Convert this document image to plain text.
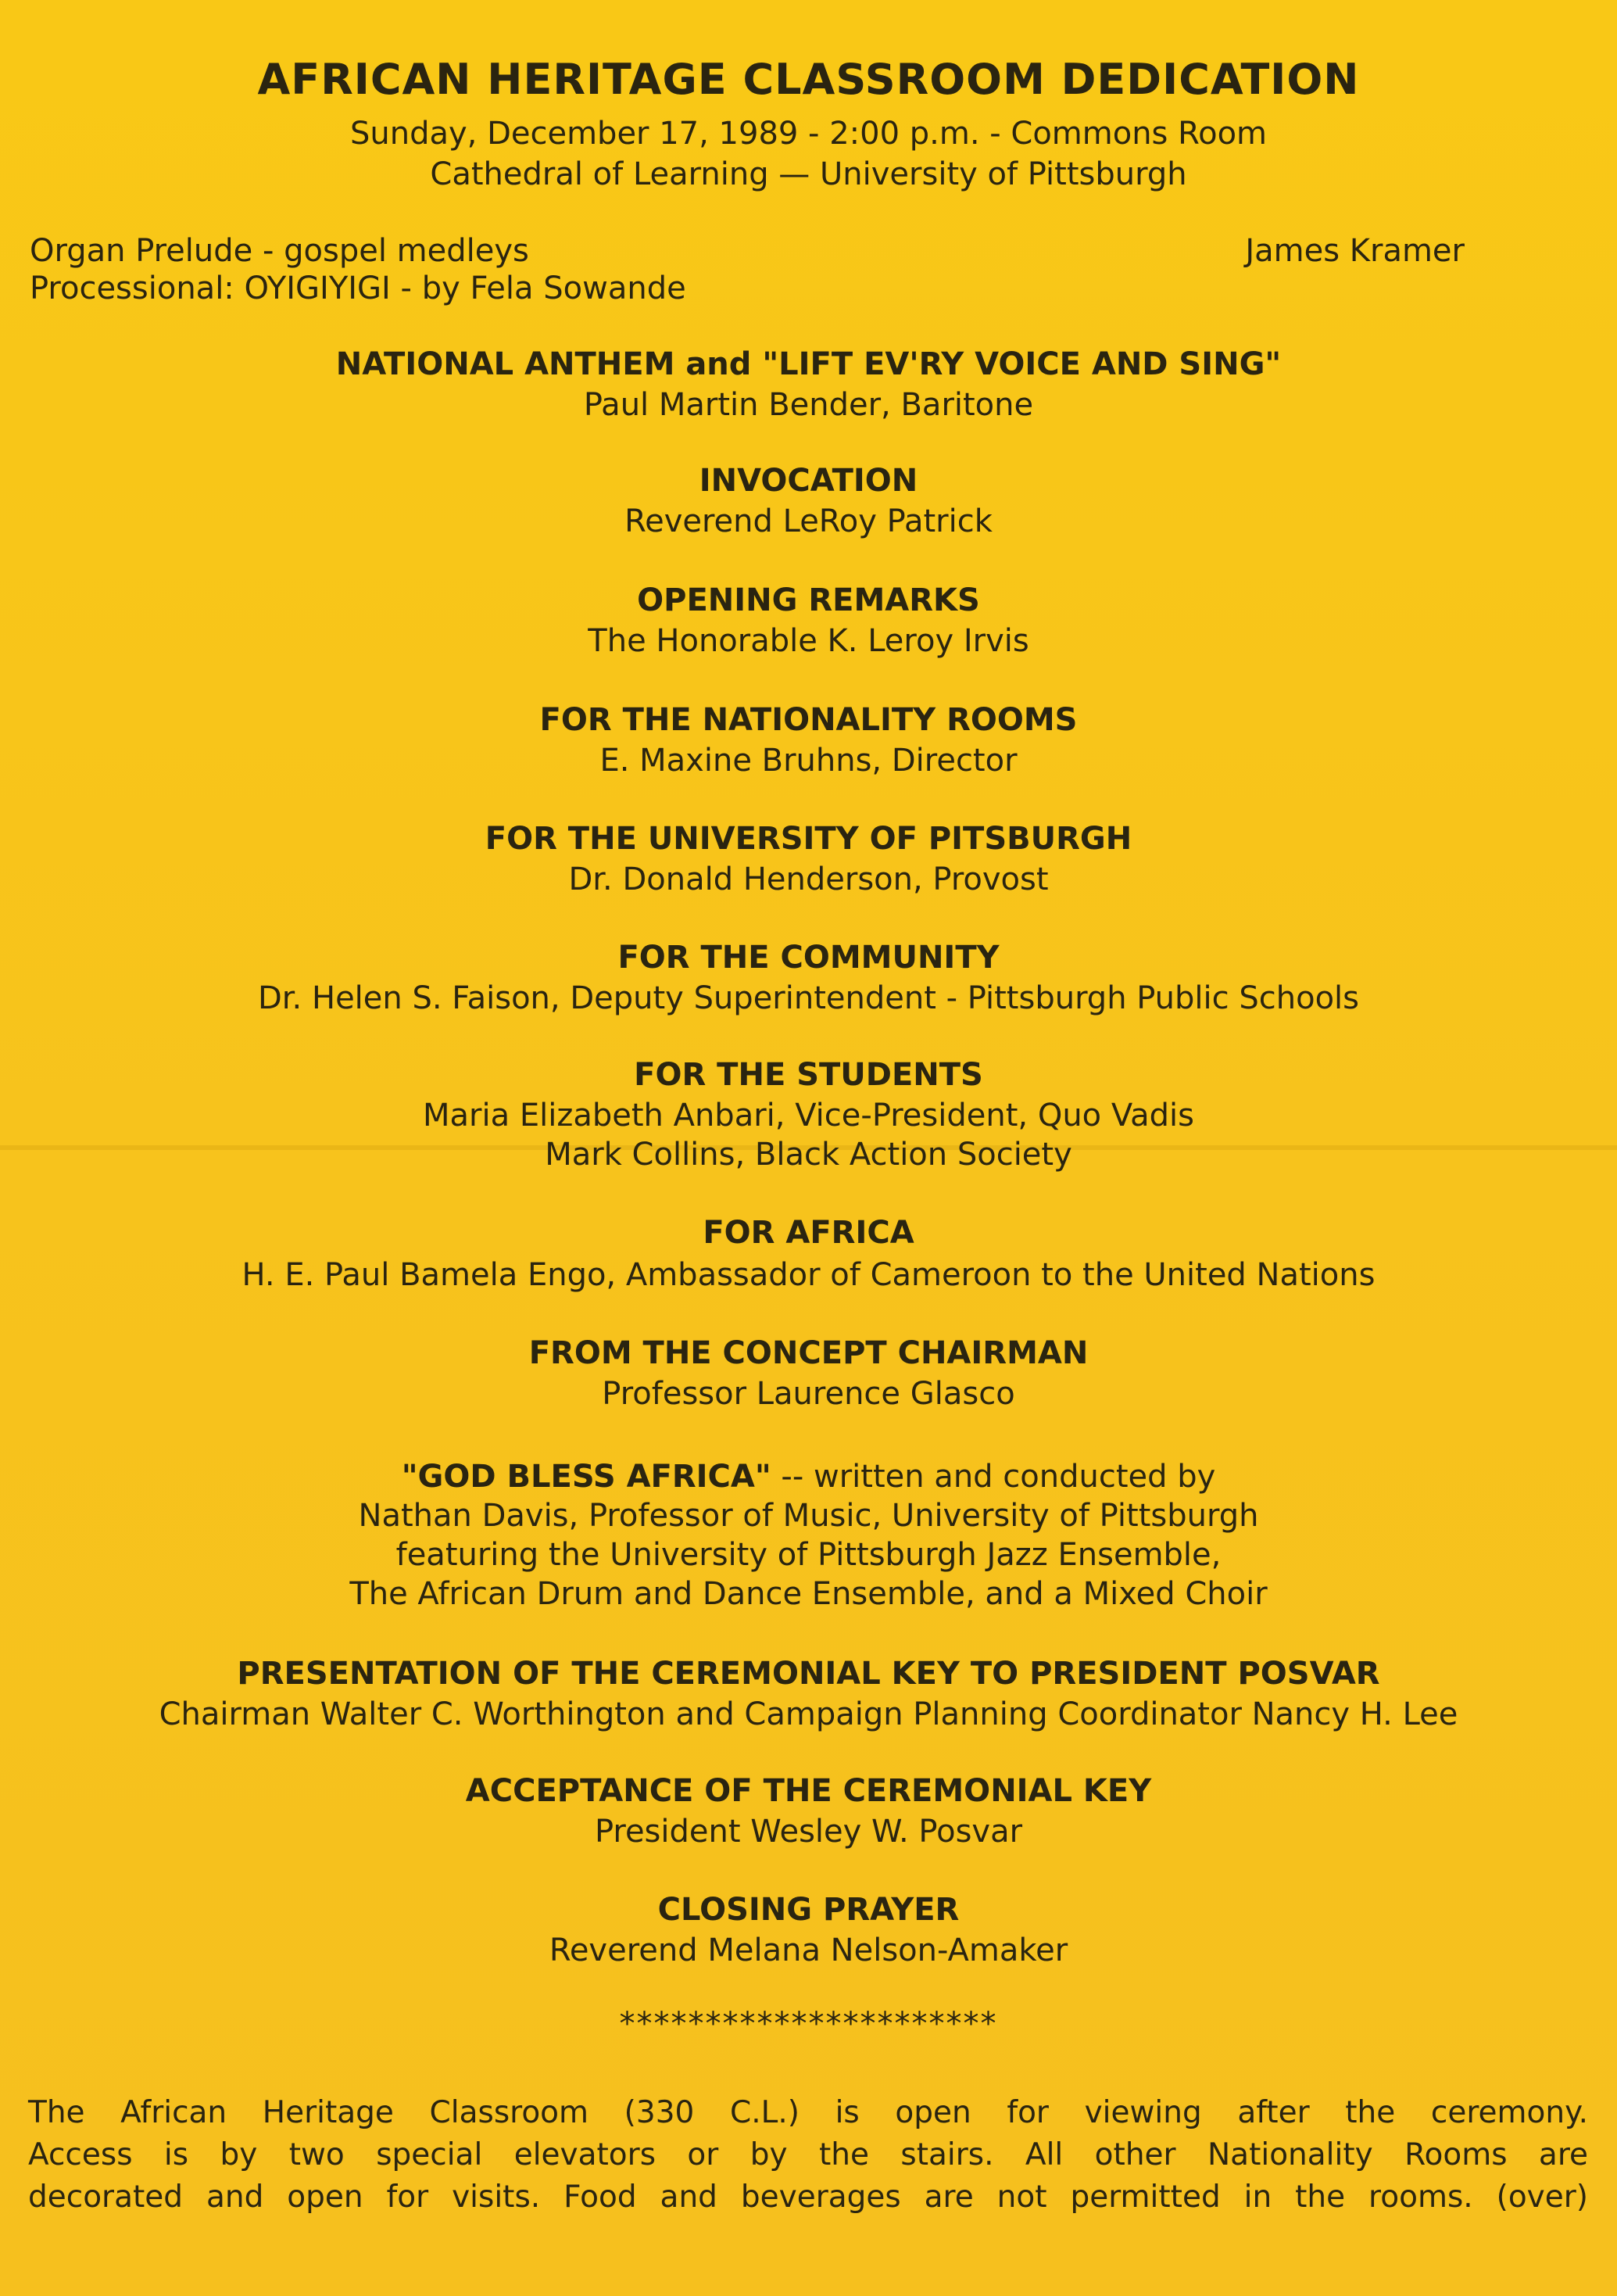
AFRICAN HERITAGE CLASSROOM DEDICATION
Sunday, December 17, 1989 - 2:00 p.m. - Commons Room
Cathedral of Learning — University of Pittsburgh
Organ Prelude - gospel medleys	James Kramer
Processional: OYIGIYIGI - by Fela Sowande
NATIONAL ANTHEM and "LIFT EV'RY VOICE AND SING"
Paul Martin Bender, Baritone
INVOCATION
Reverend LeRoy Patrick
OPENING REMARKS
The Honorable K. Leroy Irvis
FOR THE NATIONALITY ROOMS
E. Maxine Bruhns, Director
FOR THE UNIVERSITY OF PITSBURGH
Dr. Donald Henderson, Provost
FOR THE COMMUNITY
Dr. Helen S. Faison, Deputy Superintendent - Pittsburgh Public Schools
FOR THE STUDENTS
Maria Elizabeth Anbari, Vice-President, Quo Vadis
Mark Collins, Black Action Society
FOR AFRICA
H. E. Paul Bamela Engo, Ambassador of Cameroon to the United Nations
FROM THE CONCEPT CHAIRMAN
Professor Laurence Glasco
"GOD BLESS AFRICA" -- written and conducted by
Nathan Davis, Professor of Music, University of Pittsburgh
featuring the University of Pittsburgh Jazz Ensemble,
The African Drum and Dance Ensemble, and a Mixed Choir
PRESENTATION OF THE CEREMONIAL KEY TO PRESIDENT POSVAR
Chairman Walter C. Worthington and Campaign Planning Coordinator Nancy H. Lee
ACCEPTANCE OF THE CEREMONIAL KEY
President Wesley W. Posvar
CLOSING PRAYER
Reverend Melana Nelson-Amaker
**********************
The African Heritage Classroom (330 C.L.) is open for viewing after the ceremony.
Access is by two special elevators or by the stairs. All other Nationality Rooms are
decorated and open for visits. Food and beverages are not permitted in the rooms. (over)
